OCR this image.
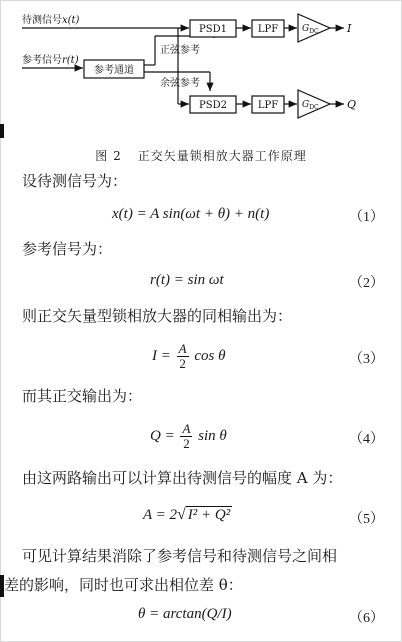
待测信号x(t)
参考信号r(t)
参考通道
正弦参考
余弦参考
PSD1	LPF	$G_{DC}$	I
PSD2	LPF	$G_{DC}$	Q
图 2 正交矢量锁相放大器工作原理
设待测信号为：
x(t) = A sin(ωt + θ) + n(t)	（1）
参考信号为：
r(t) = sin ωt	（2）
则正交矢量型锁相放大器的同相输出为：
$I = \frac{A}{2}$ cos θ	（3）
而其正交输出为：
$Q = \frac{A}{2}$ sin θ	（4）
由这两路输出可以计算出待测信号的幅度 A 为：
A = 2√ I² + Q²	（5）
可见计算结果消除了参考信号和待测信号之间相
差的影响，同时也可求出相位差 θ：
θ = arctan(Q/I)	（6）
